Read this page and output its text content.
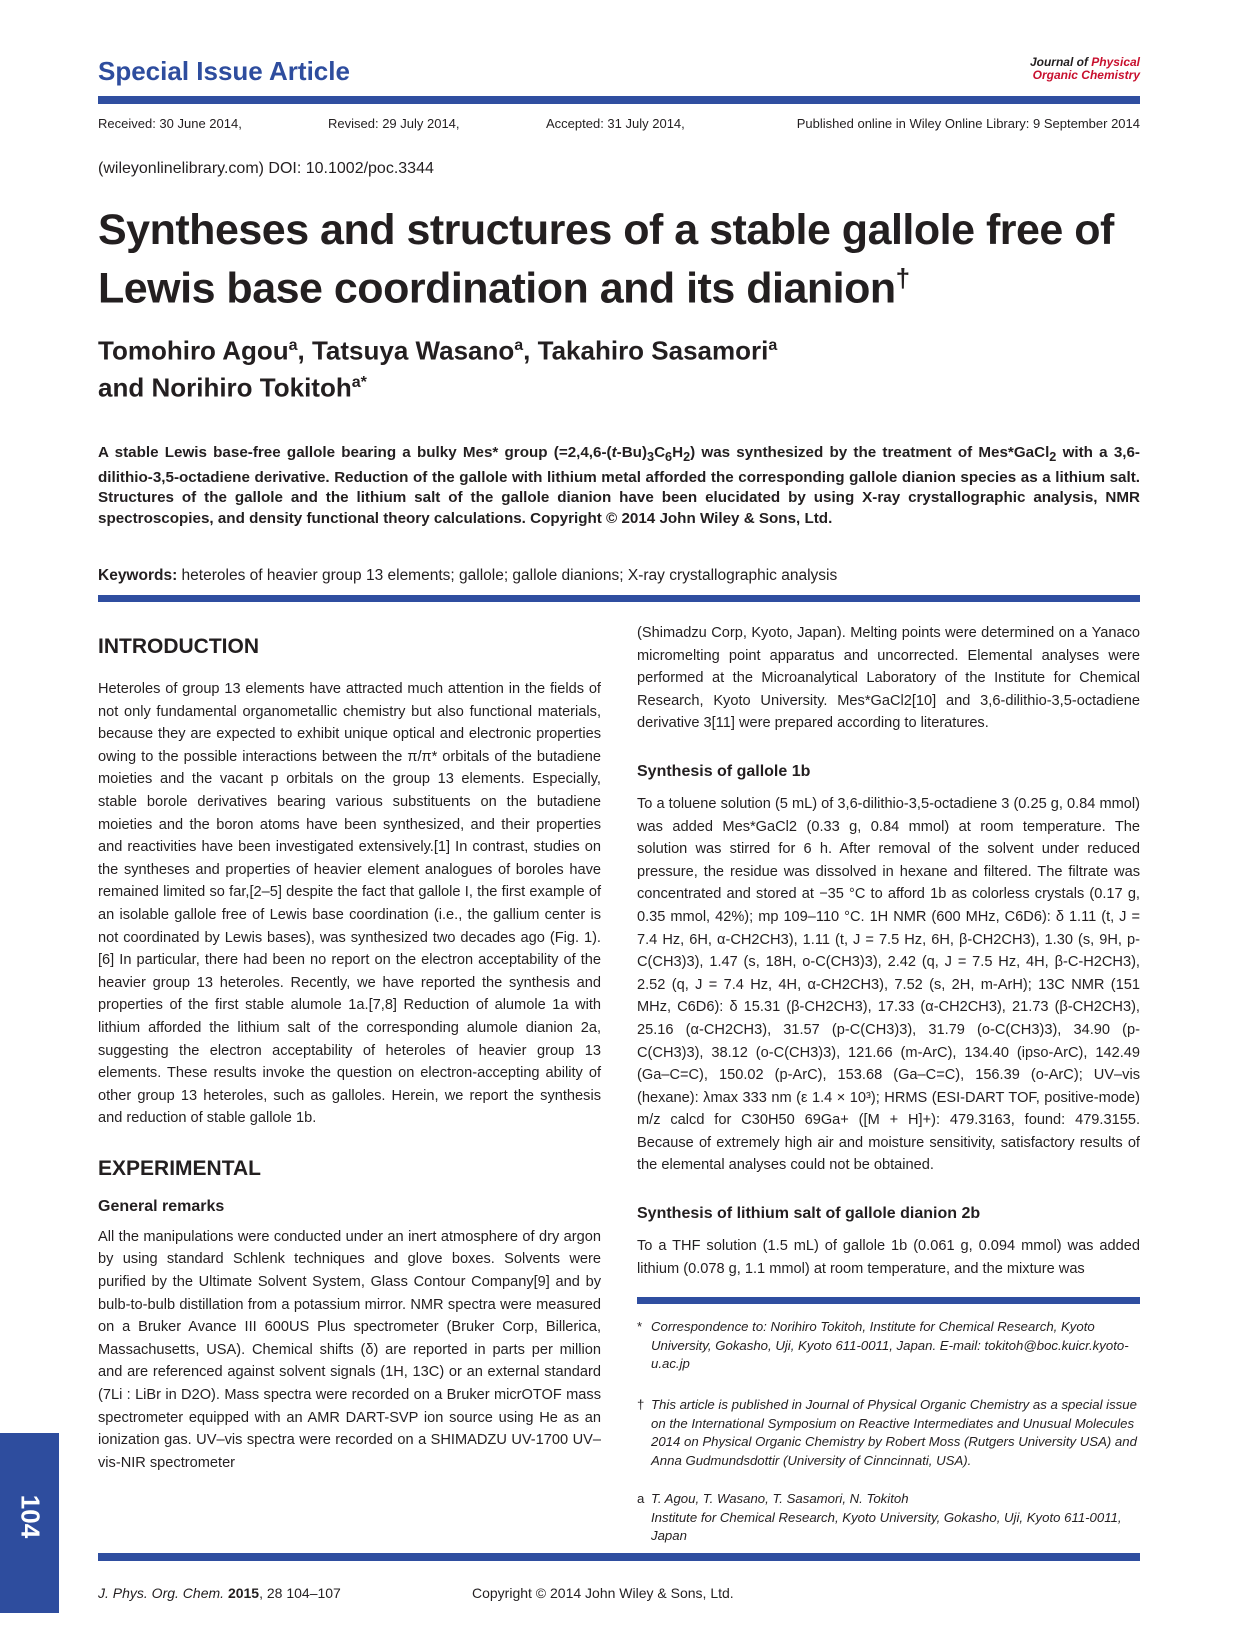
Special Issue Article	Journal of Physical
Organic Chemistry
Received: 30 June 2014,	Revised: 29 July 2014,	Accepted: 31 July 2014,	Published online in Wiley Online Library: 9 September 2014
(wileyonlinelibrary.com) DOI: 10.1002/poc.3344
Syntheses and structures of a stable gallole free of Lewis base coordination and its dianion†
Tomohiro Agou$^a$, Tatsuya Wasano$^a$, Takahiro Sasamori$^a$
and Norihiro Tokitoh$^{a*}$
A stable Lewis base-free gallole bearing a bulky Mes* group $(=2,4,6-(t-Bu)_3C_6H_2)$ was synthesized by the treatment of Mes*GaCl$_2$ with a 3,6-dilithio-3,5-octadiene derivative. Reduction of the gallole with lithium metal afforded the corresponding gallole dianion species as a lithium salt. Structures of the gallole and the lithium salt of the gallole dianion have been elucidated by using X-ray crystallographic analysis, NMR spectroscopies, and density functional theory calculations. Copyright © 2014 John Wiley & Sons, Ltd.
Keywords: heteroles of heavier group 13 elements; gallole; gallole dianions; X-ray crystallographic analysis
INTRODUCTION

Heteroles of group 13 elements have attracted much attention in the fields of not only fundamental organometallic chemistry but also functional materials, because they are expected to exhibit unique optical and electronic properties owing to the possible interactions between the π/π* orbitals of the butadiene moieties and the vacant p orbitals on the group 13 elements. Especially, stable borole derivatives bearing various substituents on the butadiene moieties and the boron atoms have been synthesized, and their properties and reactivities have been investigated extensively.[1] In contrast, studies on the syntheses and properties of heavier element analogues of boroles have remained limited so far,[2–5] despite the fact that gallole I, the first example of an isolable gallole free of Lewis base coordination (i.e., the gallium center is not coordinated by Lewis bases), was synthesized two decades ago (Fig. 1).[6] In particular, there had been no report on the electron acceptability of the heavier group 13 heteroles. Recently, we have reported the synthesis and properties of the first stable alumole 1a.[7,8] Reduction of alumole 1a with lithium afforded the lithium salt of the corresponding alumole dianion 2a, suggesting the electron acceptability of heteroles of heavier group 13 elements. These results invoke the question on electron-accepting ability of other group 13 heteroles, such as galloles. Herein, we report the synthesis and reduction of stable gallole 1b.

EXPERIMENTAL
General remarks

All the manipulations were conducted under an inert atmosphere of dry argon by using standard Schlenk techniques and glove boxes. Solvents were purified by the Ultimate Solvent System, Glass Contour Company[9] and by bulb-to-bulb distillation from a potassium mirror. NMR spectra were measured on a Bruker Avance III 600US Plus spectrometer (Bruker Corp, Billerica, Massachusetts, USA). Chemical shifts (δ) are reported in parts per million and are referenced against solvent signals (1H, 13C) or an external standard (7Li : LiBr in D2O). Mass spectra were recorded on a Bruker micrOTOF mass spectrometer equipped with an AMR DART-SVP ion source using He as an ionization gas. UV–vis spectra were recorded on a SHIMADZU UV-1700 UV–vis-NIR spectrometer

(Shimadzu Corp, Kyoto, Japan). Melting points were determined on a Yanaco micromelting point apparatus and uncorrected. Elemental analyses were performed at the Microanalytical Laboratory of the Institute for Chemical Research, Kyoto University. Mes*GaCl2[10] and 3,6-dilithio-3,5-octadiene derivative 3[11] were prepared according to literatures.

Synthesis of gallole 1b

To a toluene solution (5 mL) of 3,6-dilithio-3,5-octadiene 3 (0.25 g, 0.84 mmol) was added Mes*GaCl2 (0.33 g, 0.84 mmol) at room temperature. The solution was stirred for 6 h. After removal of the solvent under reduced pressure, the residue was dissolved in hexane and filtered. The filtrate was concentrated and stored at −35 °C to afford 1b as colorless crystals (0.17 g, 0.35 mmol, 42%); mp 109–110 °C. 1H NMR (600 MHz, C6D6): δ 1.11 (t, J = 7.4 Hz, 6H, α-CH2CH3), 1.11 (t, J = 7.5 Hz, 6H, β-CH2CH3), 1.30 (s, 9H, p-C(CH3)3), 1.47 (s, 18H, o-C(CH3)3), 2.42 (q, J = 7.5 Hz, 4H, β-C-H2CH3), 2.52 (q, J = 7.4 Hz, 4H, α-CH2CH3), 7.52 (s, 2H, m-ArH); 13C NMR (151 MHz, C6D6): δ 15.31 (β-CH2CH3), 17.33 (α-CH2CH3), 21.73 (β-CH2CH3), 25.16 (α-CH2CH3), 31.57 (p-C(CH3)3), 31.79 (o-C(CH3)3), 34.90 (p-C(CH3)3), 38.12 (o-C(CH3)3), 121.66 (m-ArC), 134.40 (ipso-ArC), 142.49 (Ga–C=C), 150.02 (p-ArC), 153.68 (Ga–C=C), 156.39 (o-ArC); UV–vis (hexane): λmax 333 nm (ε 1.4 × 10³); HRMS (ESI-DART TOF, positive-mode) m/z calcd for C30H50 69Ga+ ([M + H]+): 479.3163, found: 479.3155. Because of extremely high air and moisture sensitivity, satisfactory results of the elemental analyses could not be obtained.

Synthesis of lithium salt of gallole dianion 2b

To a THF solution (1.5 mL) of gallole 1b (0.061 g, 0.094 mmol) was added lithium (0.078 g, 1.1 mmol) at room temperature, and the mixture was

* Correspondence to: Norihiro Tokitoh, Institute for Chemical Research, Kyoto University, Gokasho, Uji, Kyoto 611-0011, Japan. E-mail: tokitoh@boc.kuicr.kyoto-u.ac.jp
† This article is published in Journal of Physical Organic Chemistry as a special issue on the International Symposium on Reactive Intermediates and Unusual Molecules 2014 on Physical Organic Chemistry by Robert Moss (Rutgers University USA) and Anna Gudmundsdottir (University of Cinncinnati, USA).
a T. Agou, T. Wasano, T. Sasamori, N. Tokitoh
Institute for Chemical Research, Kyoto University, Gokasho, Uji, Kyoto 611-0011, Japan
104
J. Phys. Org. Chem. 2015, 28 104–107	Copyright © 2014 John Wiley & Sons, Ltd.
